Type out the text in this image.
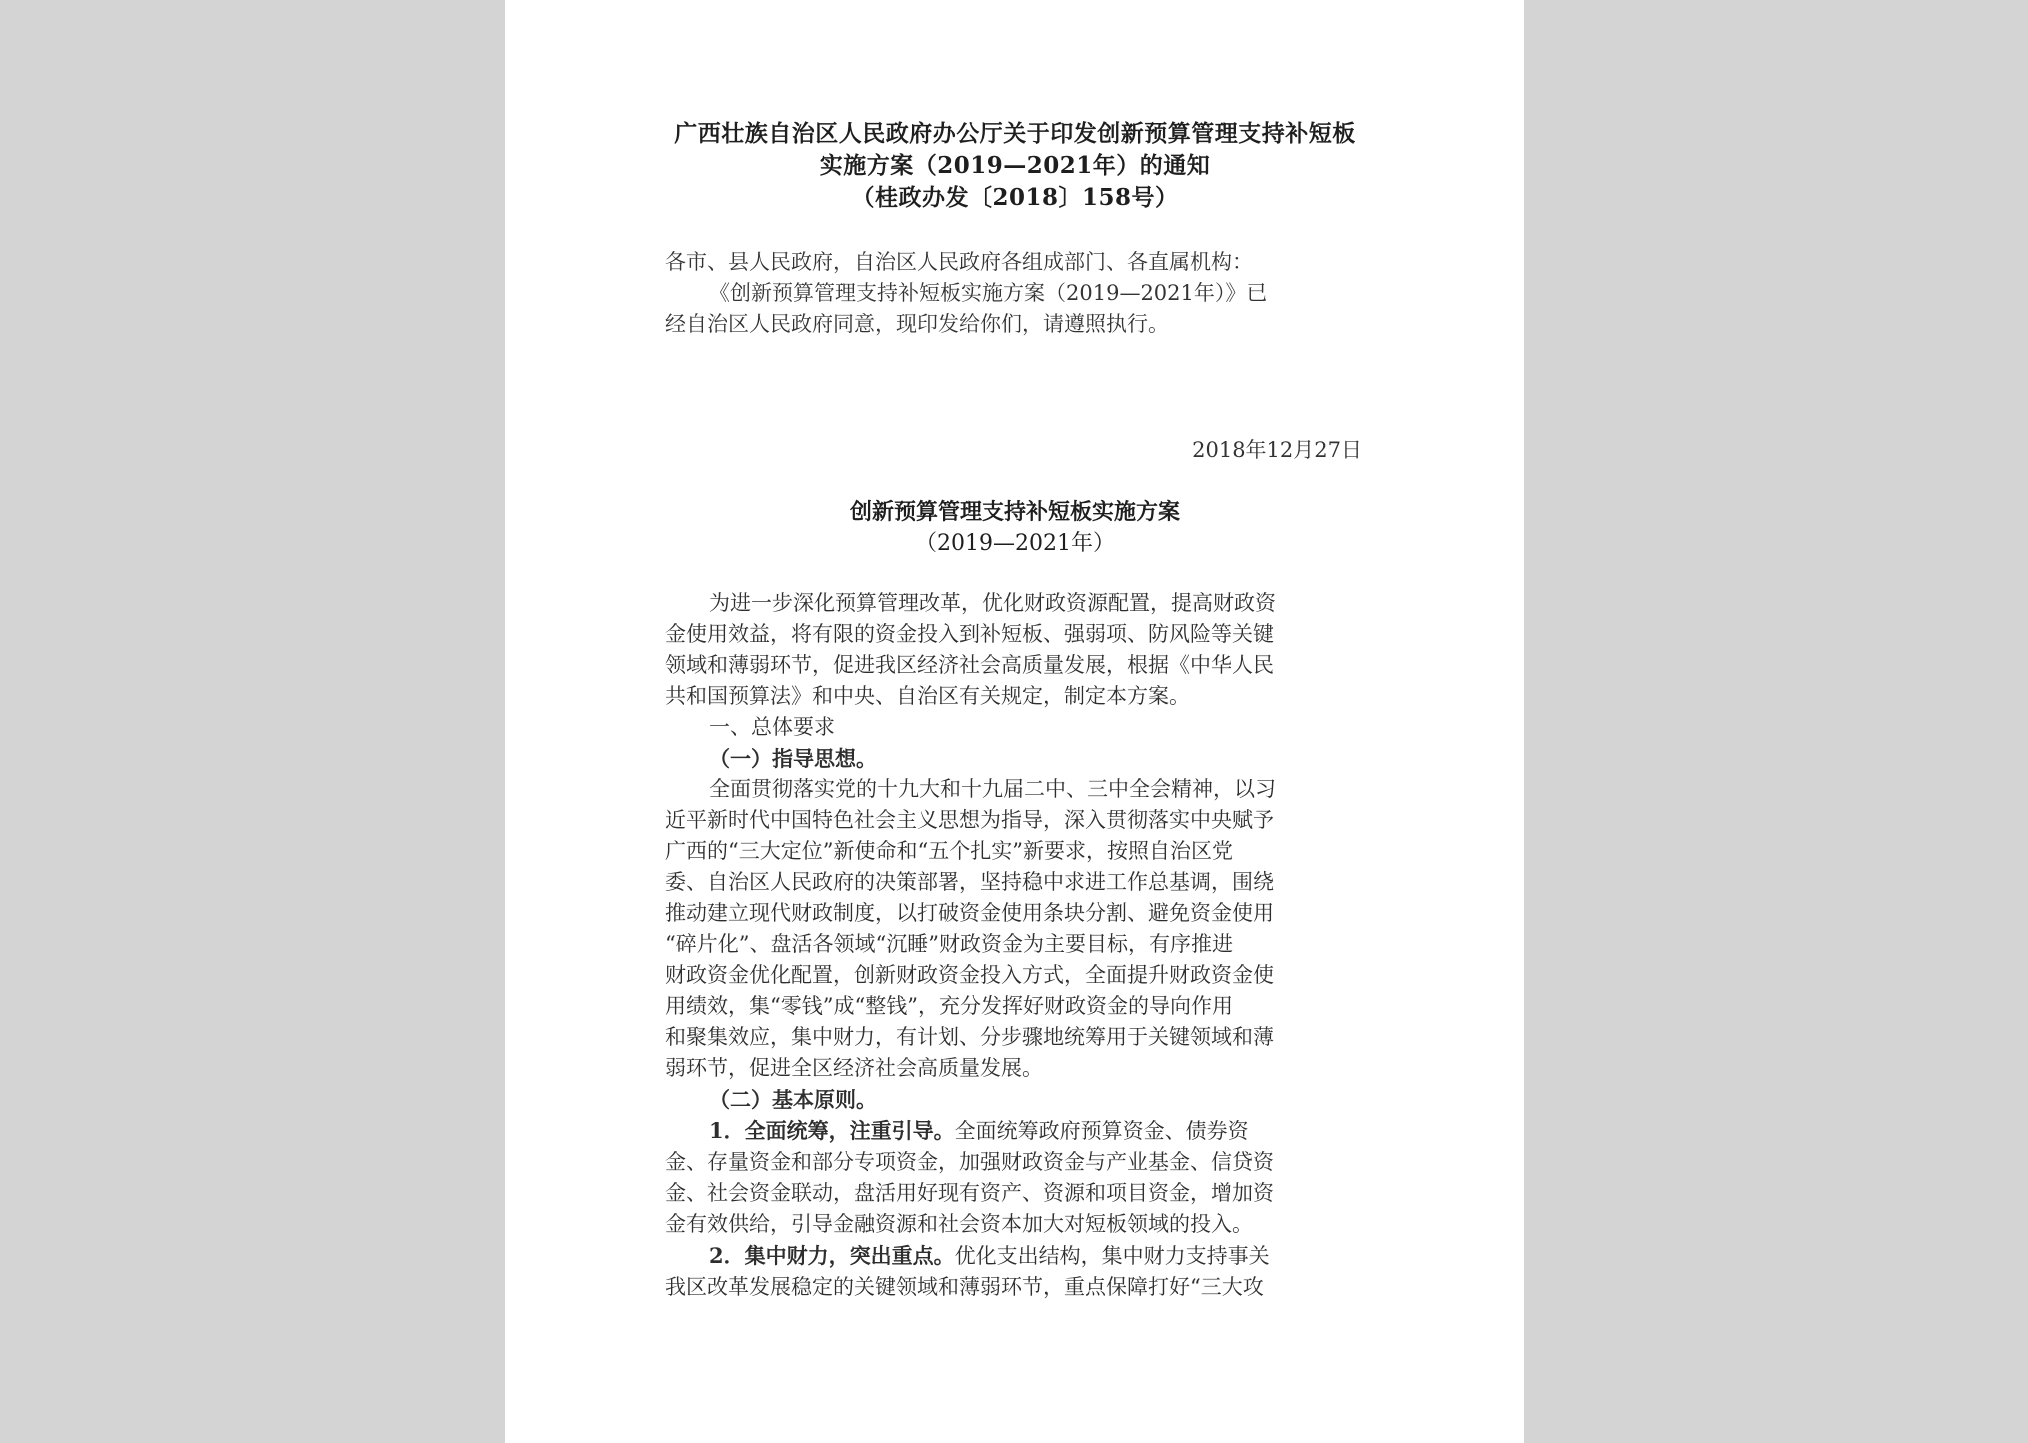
广西壮族自治区人民政府办公厅关于印发创新预算管理支持补短板
实施方案（2019—2021年）的通知
（桂政办发〔2018〕158号）
各市、县人民政府，自治区人民政府各组成部门、各直属机构：
《创新预算管理支持补短板实施方案（2019—2021年）》已
经自治区人民政府同意，现印发给你们，请遵照执行。
2018年12月27日
创新预算管理支持补短板实施方案
（2019—2021年）
为进一步深化预算管理改革，优化财政资源配置，提高财政资
金使用效益，将有限的资金投入到补短板、强弱项、防风险等关键
领域和薄弱环节，促进我区经济社会高质量发展，根据《中华人民
共和国预算法》和中央、自治区有关规定，制定本方案。
一、总体要求
（一）指导思想。
全面贯彻落实党的十九大和十九届二中、三中全会精神，以习
近平新时代中国特色社会主义思想为指导，深入贯彻落实中央赋予
广西的“三大定位”新使命和“五个扎实”新要求，按照自治区党
委、自治区人民政府的决策部署，坚持稳中求进工作总基调，围绕
推动建立现代财政制度，以打破资金使用条块分割、避免资金使用
“碎片化”、盘活各领域“沉睡”财政资金为主要目标，有序推进
财政资金优化配置，创新财政资金投入方式，全面提升财政资金使
用绩效，集“零钱”成“整钱”，充分发挥好财政资金的导向作用
和聚集效应，集中财力，有计划、分步骤地统筹用于关键领域和薄
弱环节，促进全区经济社会高质量发展。
（二）基本原则。
1．全面统筹，注重引导。全面统筹政府预算资金、债券资
金、存量资金和部分专项资金，加强财政资金与产业基金、信贷资
金、社会资金联动，盘活用好现有资产、资源和项目资金，增加资
金有效供给，引导金融资源和社会资本加大对短板领域的投入。
2．集中财力，突出重点。优化支出结构，集中财力支持事关
我区改革发展稳定的关键领域和薄弱环节，重点保障打好“三大攻
